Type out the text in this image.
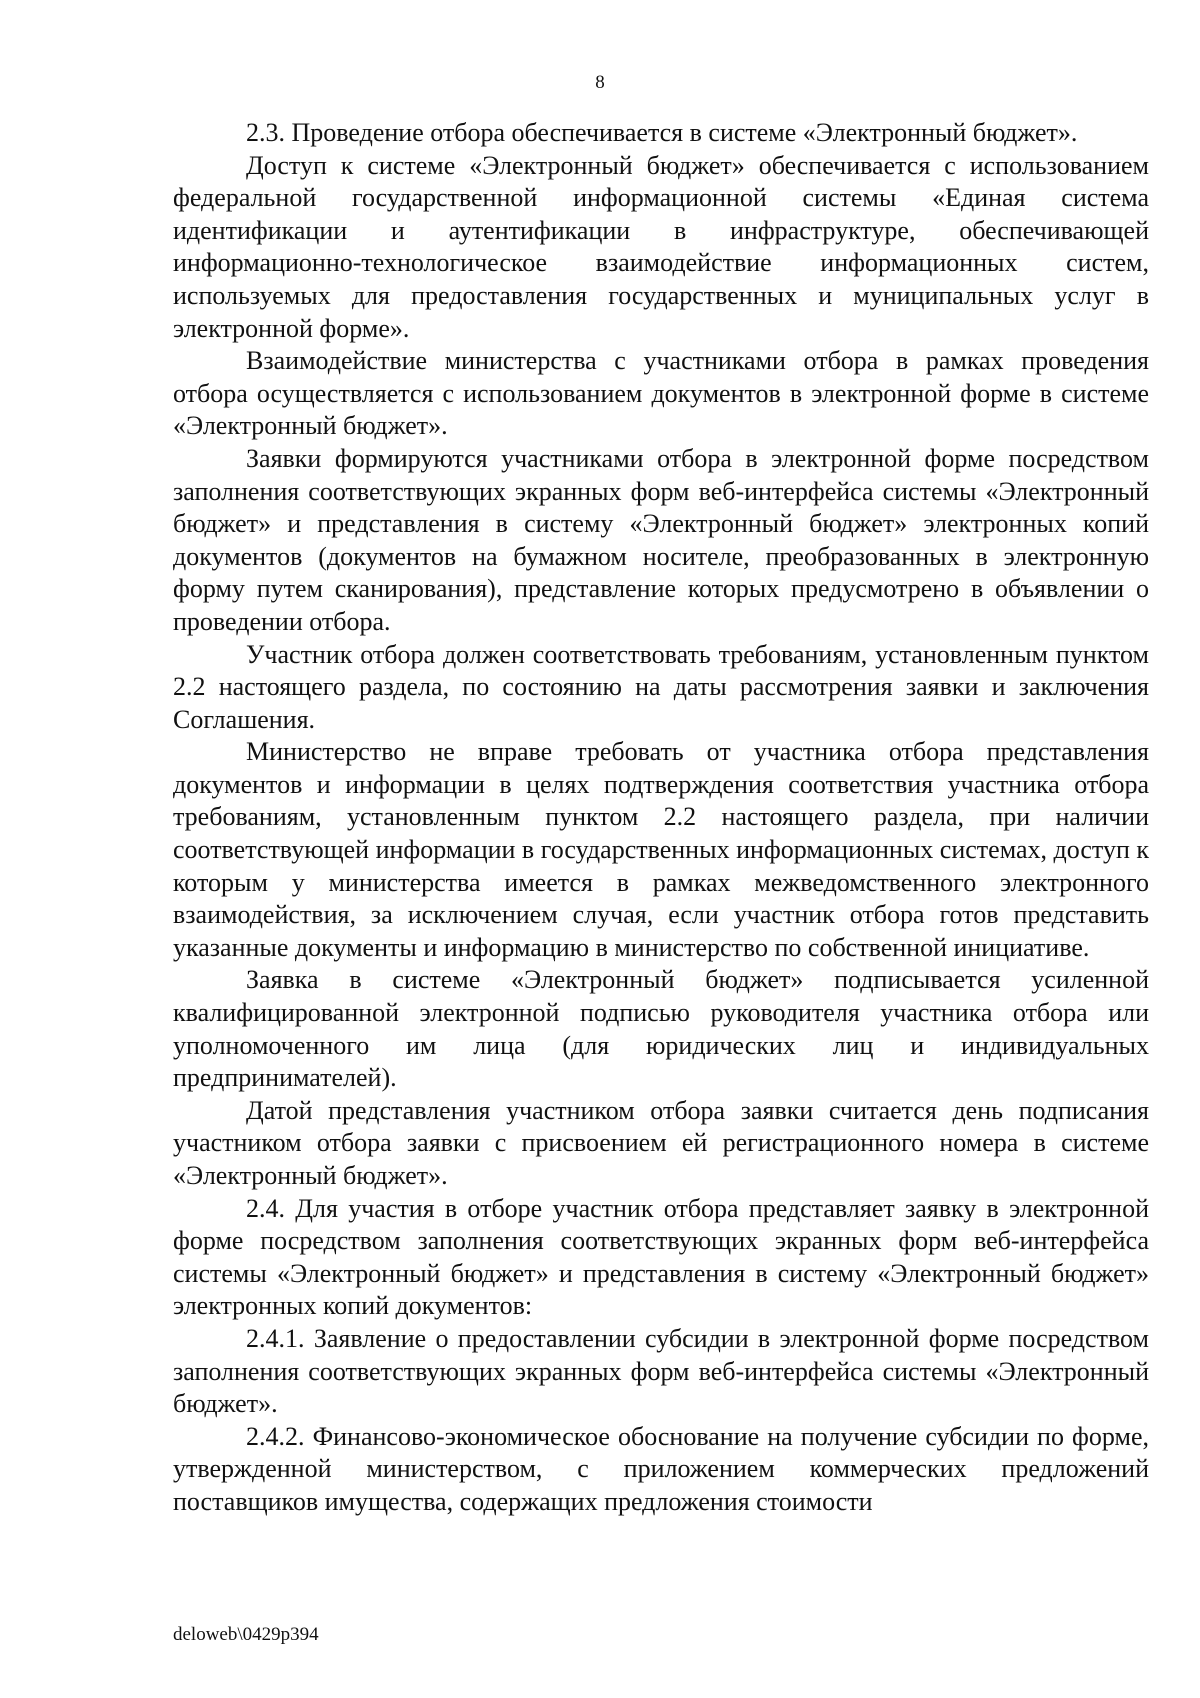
8

2.3. Проведение отбора обеспечивается в системе «Электронный бюджет».

Доступ к системе «Электронный бюджет» обеспечивается с использованием федеральной государственной информационной системы «Единая система идентификации и аутентификации в инфраструктуре, обеспечивающей информационно-технологическое взаимодействие информационных систем, используемых для предоставления государственных и муниципальных услуг в электронной форме».

Взаимодействие министерства с участниками отбора в рамках проведения отбора осуществляется с использованием документов в электронной форме в системе «Электронный бюджет».

Заявки формируются участниками отбора в электронной форме посредством заполнения соответствующих экранных форм веб-интерфейса системы «Электронный бюджет» и представления в систему «Электронный бюджет» электронных копий документов (документов на бумажном носителе, преобразованных в электронную форму путем сканирования), представление которых предусмотрено в объявлении о проведении отбора.

Участник отбора должен соответствовать требованиям, установленным пунктом 2.2 настоящего раздела, по состоянию на даты рассмотрения заявки и заключения Соглашения.

Министерство не вправе требовать от участника отбора представления документов и информации в целях подтверждения соответствия участника отбора требованиям, установленным пунктом 2.2 настоящего раздела, при наличии соответствующей информации в государственных информационных системах, доступ к которым у министерства имеется в рамках межведомственного электронного взаимодействия, за исключением случая, если участник отбора готов представить указанные документы и информацию в министерство по собственной инициативе.

Заявка в системе «Электронный бюджет» подписывается усиленной квалифицированной электронной подписью руководителя участника отбора или уполномоченного им лица (для юридических лиц и индивидуальных предпринимателей).

Датой представления участником отбора заявки считается день подписания участником отбора заявки с присвоением ей регистрационного номера в системе «Электронный бюджет».

2.4. Для участия в отборе участник отбора представляет заявку в электронной форме посредством заполнения соответствующих экранных форм веб-интерфейса системы «Электронный бюджет» и представления в систему «Электронный бюджет» электронных копий документов:

2.4.1. Заявление о предоставлении субсидии в электронной форме посредством заполнения соответствующих экранных форм веб-интерфейса системы «Электронный бюджет».

2.4.2. Финансово-экономическое обоснование на получение субсидии по форме, утвержденной министерством, с приложением коммерческих предложений поставщиков имущества, содержащих предложения стоимости

deloweb\0429p394
